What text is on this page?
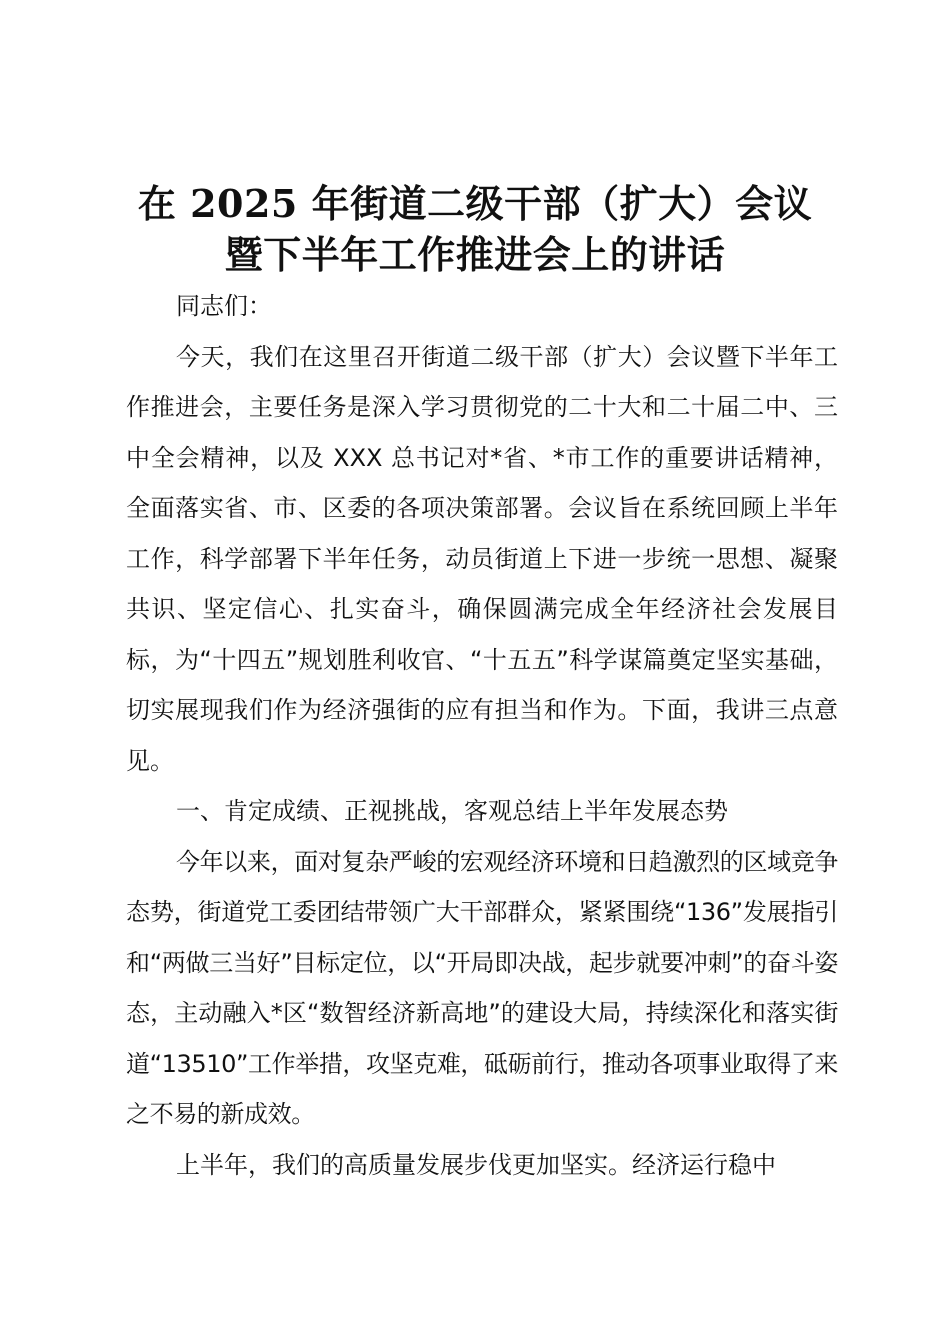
在 2025 年街道二级干部（扩大）会议
暨下半年工作推进会上的讲话

同志们：

今天，我们在这里召开街道二级干部（扩大）会议暨下半年工作推进会，主要任务是深入学习贯彻党的二十大和二十届二中、三中全会精神，以及 XXX 总书记对*省、*市工作的重要讲话精神，全面落实省、市、区委的各项决策部署。会议旨在系统回顾上半年工作，科学部署下半年任务，动员街道上下进一步统一思想、凝聚共识、坚定信心、扎实奋斗，确保圆满完成全年经济社会发展目标，为“十四五”规划胜利收官、“十五五”科学谋篇奠定坚实基础，切实展现我们作为经济强街的应有担当和作为。下面，我讲三点意见。

一、肯定成绩、正视挑战，客观总结上半年发展态势

今年以来，面对复杂严峻的宏观经济环境和日趋激烈的区域竞争态势，街道党工委团结带领广大干部群众，紧紧围绕“136”发展指引和“两做三当好”目标定位，以“开局即决战，起步就要冲刺”的奋斗姿态，主动融入*区“数智经济新高地”的建设大局，持续深化和落实街道“13510”工作举措，攻坚克难，砥砺前行，推动各项事业取得了来之不易的新成效。

上半年，我们的高质量发展步伐更加坚实。经济运行稳中
